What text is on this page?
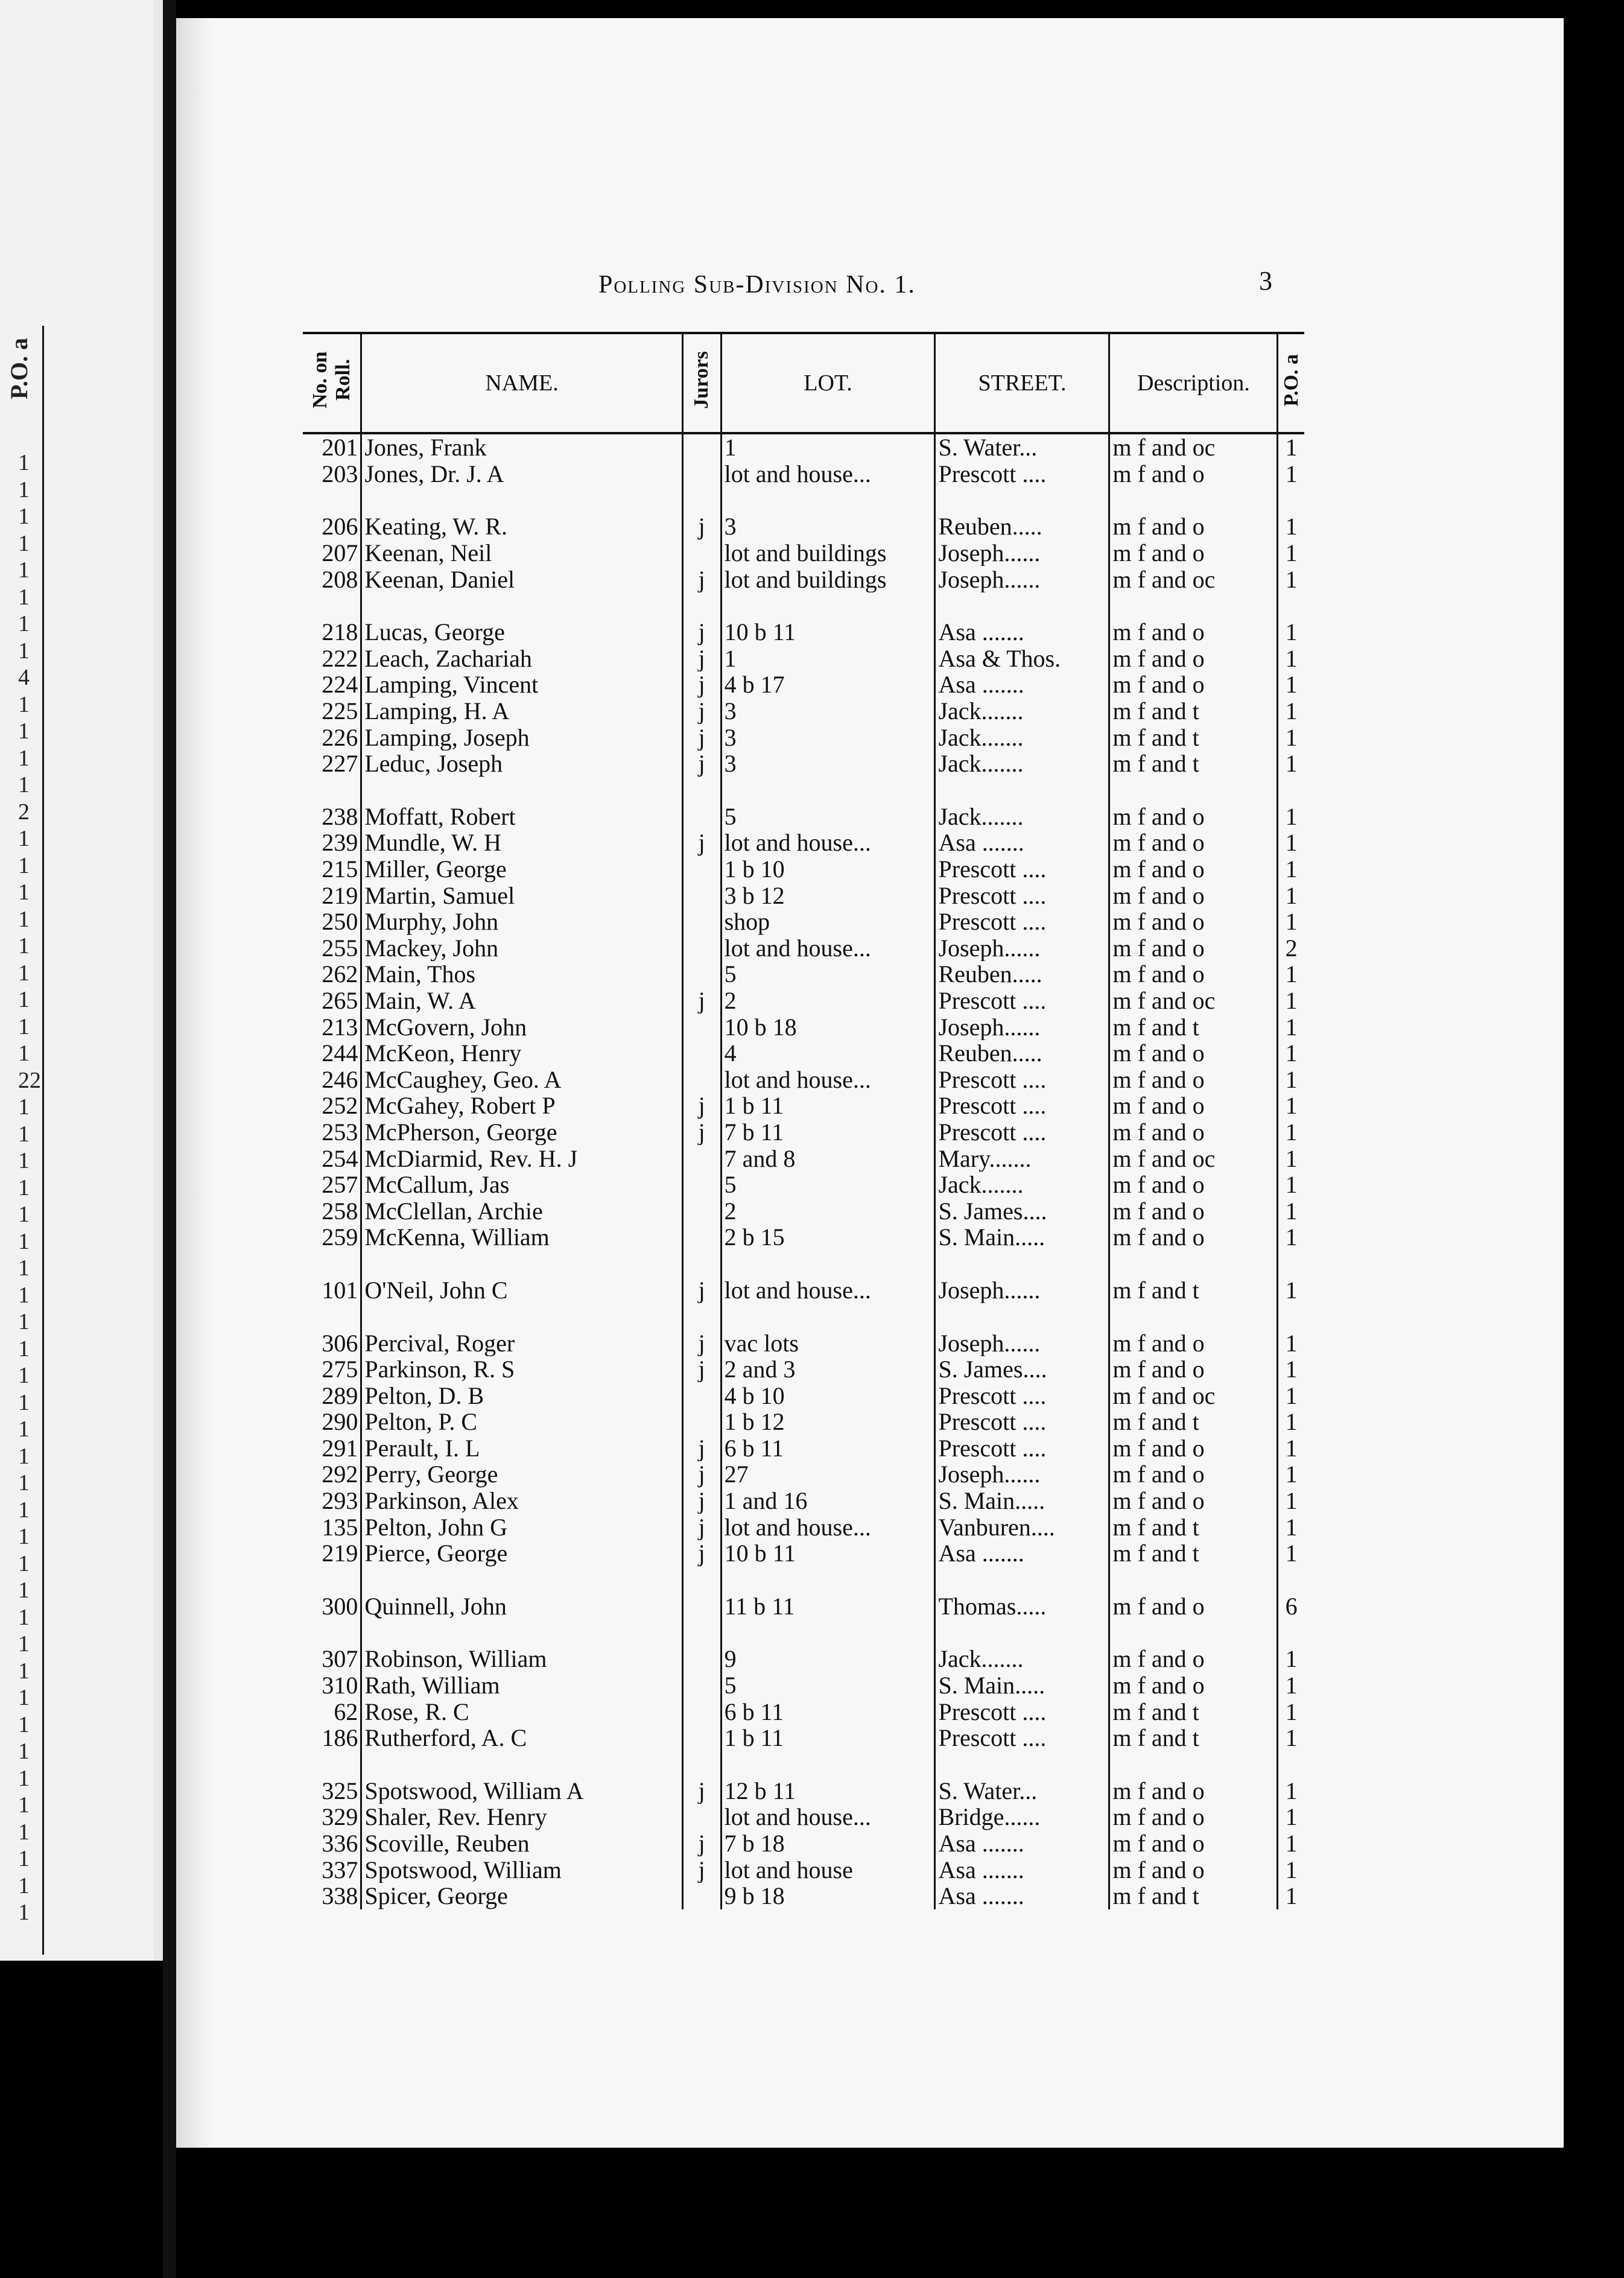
P.O. a
1
1
1
1
1
1
1
1
4
1
1
1
1
2
1
1
1
1
1
1
1
1
1
22
1
1
1
1
1
1
1
1
1
1
1
1
1
1
1
1
1
1
1
1
1
1
1
1
1
1
1
1
1
1
1
Polling Sub-Division No. 1.	3
No. on Roll.	NAME.	Jurors	LOT.	STREET.	Description.	P.O. a
201	Jones, Frank		1	S. Water...	m f and oc	1
203	Jones, Dr. J. A		lot and house...	Prescott ....	m f and o	1

206	Keating, W. R.	j	3	Reuben.....	m f and o	1
207	Keenan, Neil		lot and buildings	Joseph......	m f and o	1
208	Keenan, Daniel	j	lot and buildings	Joseph......	m f and oc	1

218	Lucas, George	j	10 b 11	Asa .......	m f and o	1
222	Leach, Zachariah	j	1	Asa & Thos.	m f and o	1
224	Lamping, Vincent	j	4 b 17	Asa .......	m f and o	1
225	Lamping, H. A	j	3	Jack.......	m f and t	1
226	Lamping, Joseph	j	3	Jack.......	m f and t	1
227	Leduc, Joseph	j	3	Jack.......	m f and t	1

238	Moffatt, Robert		5	Jack.......	m f and o	1
239	Mundle, W. H	j	lot and house...	Asa .......	m f and o	1
215	Miller, George		1 b 10	Prescott ....	m f and o	1
219	Martin, Samuel		3 b 12	Prescott ....	m f and o	1
250	Murphy, John		shop	Prescott ....	m f and o	1
255	Mackey, John		lot and house...	Joseph......	m f and o	2
262	Main, Thos		5	Reuben.....	m f and o	1
265	Main, W. A	j	2	Prescott ....	m f and oc	1
213	McGovern, John		10 b 18	Joseph......	m f and t	1
244	McKeon, Henry		4	Reuben.....	m f and o	1
246	McCaughey, Geo. A		lot and house...	Prescott ....	m f and o	1
252	McGahey, Robert P	j	1 b 11	Prescott ....	m f and o	1
253	McPherson, George	j	7 b 11	Prescott ....	m f and o	1
254	McDiarmid, Rev. H. J		7 and 8	Mary.......	m f and oc	1
257	McCallum, Jas		5	Jack.......	m f and o	1
258	McClellan, Archie		2	S. James....	m f and o	1
259	McKenna, William		2 b 15	S. Main.....	m f and o	1

101	O'Neil, John C	j	lot and house...	Joseph......	m f and t	1

306	Percival, Roger	j	vac lots	Joseph......	m f and o	1
275	Parkinson, R. S	j	2 and 3	S. James....	m f and o	1
289	Pelton, D. B		4 b 10	Prescott ....	m f and oc	1
290	Pelton, P. C		1 b 12	Prescott ....	m f and t	1
291	Perault, I. L	j	6 b 11	Prescott ....	m f and o	1
292	Perry, George	j	27	Joseph......	m f and o	1
293	Parkinson, Alex	j	1 and 16	S. Main.....	m f and o	1
135	Pelton, John G	j	lot and house...	Vanburen....	m f and t	1
219	Pierce, George	j	10 b 11	Asa .......	m f and t	1

300	Quinnell, John		11 b 11	Thomas.....	m f and o	6

307	Robinson, William		9	Jack.......	m f and o	1
310	Rath, William		5	S. Main.....	m f and o	1
62	Rose, R. C		6 b 11	Prescott ....	m f and t	1
186	Rutherford, A. C		1 b 11	Prescott ....	m f and t	1

325	Spotswood, William A	j	12 b 11	S. Water...	m f and o	1
329	Shaler, Rev. Henry		lot and house...	Bridge......	m f and o	1
336	Scoville, Reuben	j	7 b 18	Asa .......	m f and o	1
337	Spotswood, William	j	lot and house	Asa .......	m f and o	1
338	Spicer, George		9 b 18	Asa .......	m f and t	1
